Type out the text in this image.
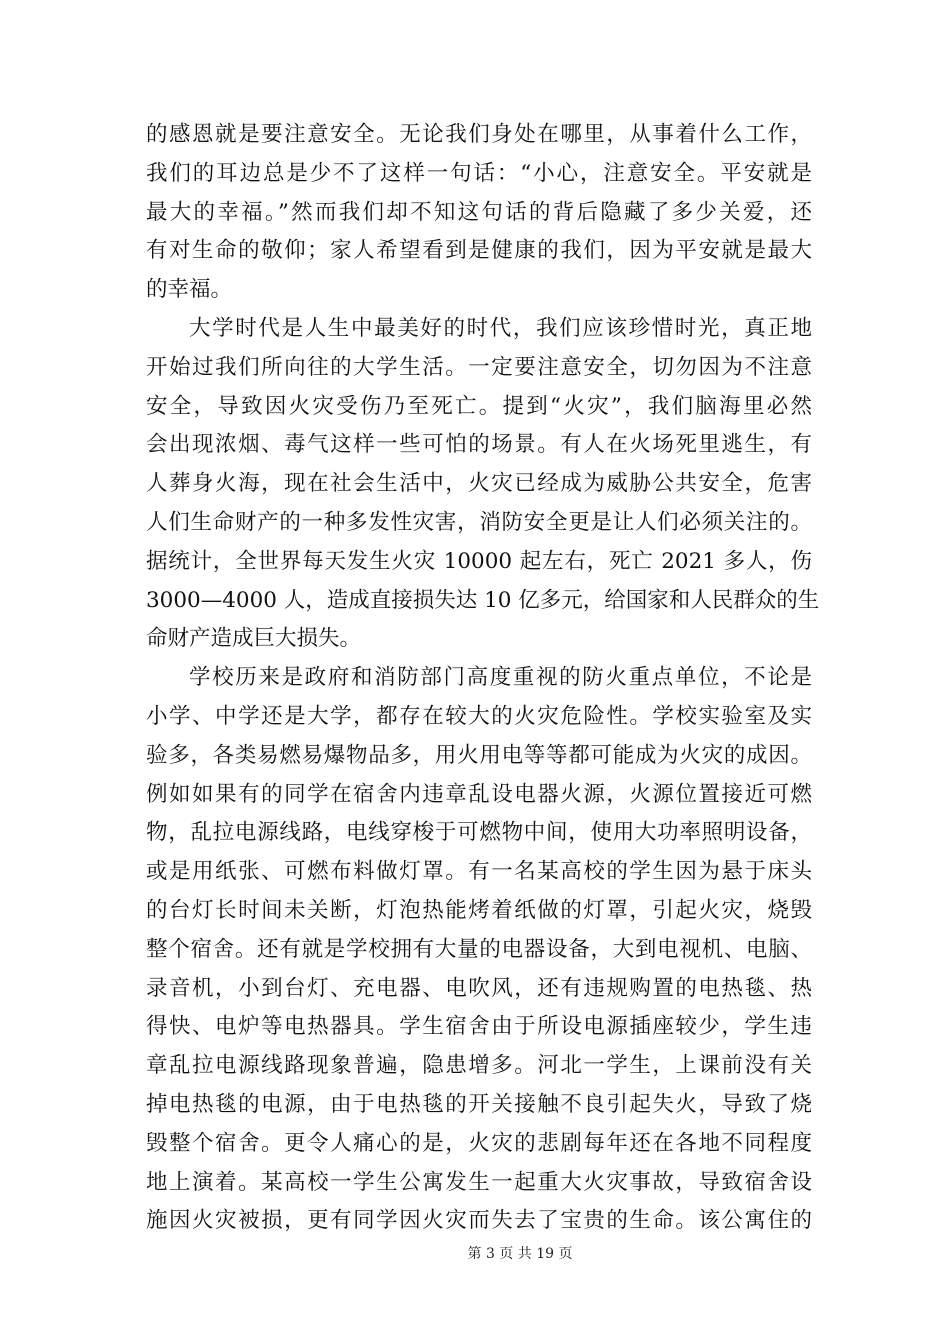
的感恩就是要注意安全。无论我们身处在哪里，从事着什么工作，
我们的耳边总是少不了这样一句话：“小心，注意安全。平安就是
最大的幸福。”然而我们却不知这句话的背后隐藏了多少关爱，还
有对生命的敬仰；家人希望看到是健康的我们，因为平安就是最大
的幸福。
大学时代是人生中最美好的时代，我们应该珍惜时光，真正地
开始过我们所向往的大学生活。一定要注意安全，切勿因为不注意
安全，导致因火灾受伤乃至死亡。提到“火灾”，我们脑海里必然
会出现浓烟、毒气这样一些可怕的场景。有人在火场死里逃生，有
人葬身火海，现在社会生活中，火灾已经成为威胁公共安全，危害
人们生命财产的一种多发性灾害，消防安全更是让人们必须关注的。
据统计，全世界每天发生火灾 10000 起左右，死亡 2021 多人，伤
3000—4000 人，造成直接损失达 10 亿多元，给国家和人民群众的生
命财产造成巨大损失。
学校历来是政府和消防部门高度重视的防火重点单位，不论是
小学、中学还是大学，都存在较大的火灾危险性。学校实验室及实
验多，各类易燃易爆物品多，用火用电等等都可能成为火灾的成因。
例如如果有的同学在宿舍内违章乱设电器火源，火源位置接近可燃
物，乱拉电源线路，电线穿梭于可燃物中间，使用大功率照明设备，
或是用纸张、可燃布料做灯罩。有一名某高校的学生因为悬于床头
的台灯长时间未关断，灯泡热能烤着纸做的灯罩，引起火灾，烧毁
整个宿舍。还有就是学校拥有大量的电器设备，大到电视机、电脑、
录音机，小到台灯、充电器、电吹风，还有违规购置的电热毯、热
得快、电炉等电热器具。学生宿舍由于所设电源插座较少，学生违
章乱拉电源线路现象普遍，隐患增多。河北一学生，上课前没有关
掉电热毯的电源，由于电热毯的开关接触不良引起失火，导致了烧
毁整个宿舍。更令人痛心的是，火灾的悲剧每年还在各地不同程度
地上演着。某高校一学生公寓发生一起重大火灾事故，导致宿舍设
施因火灾被损，更有同学因火灾而失去了宝贵的生命。该公寓住的
第 3 页 共 19 页
